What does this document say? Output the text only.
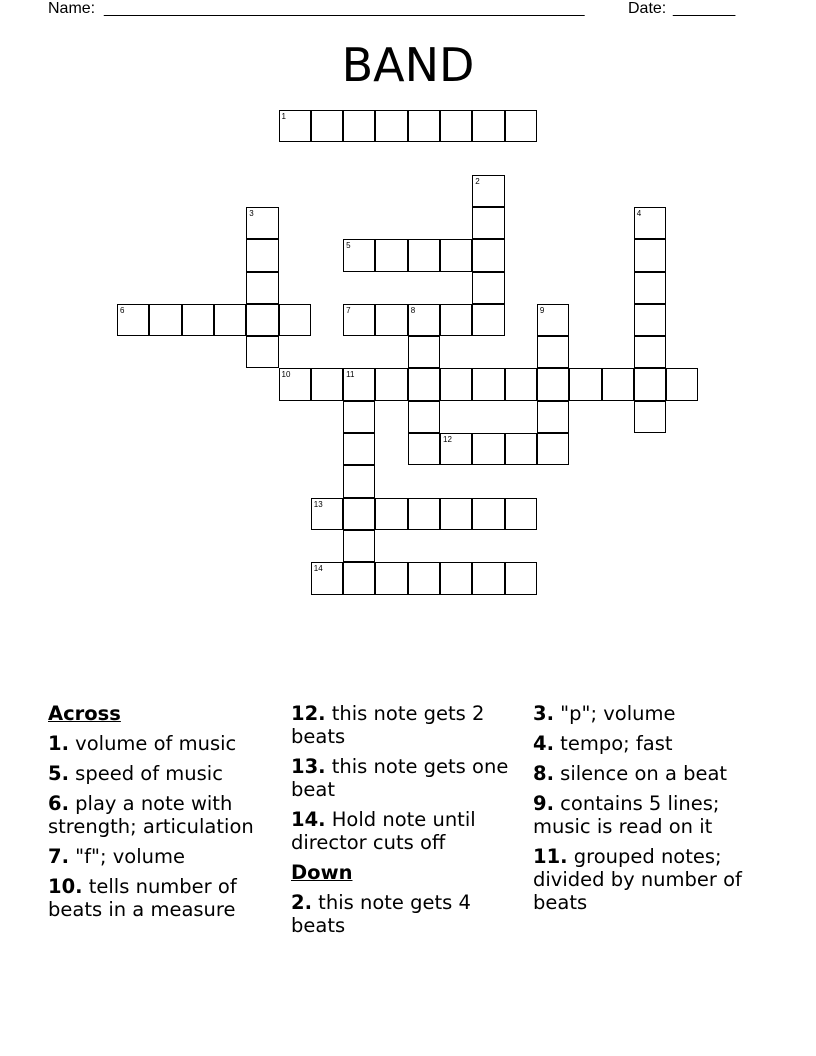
Name: ______________________________________________________	Date: _______
BAND
1
2
3	4
5
6	7	8	9
10	11
12
13
14
Across
1. volume of music
5. speed of music
6. play a note with strength; articulation
7. "f"; volume
10. tells number of beats in a measure
12. this note gets 2 beats
13. this note gets one beat
14. Hold note until director cuts off
Down
2. this note gets 4 beats
3. "p"; volume
4. tempo; fast
8. silence on a beat
9. contains 5 lines; music is read on it
11. grouped notes; divided by number of beats
